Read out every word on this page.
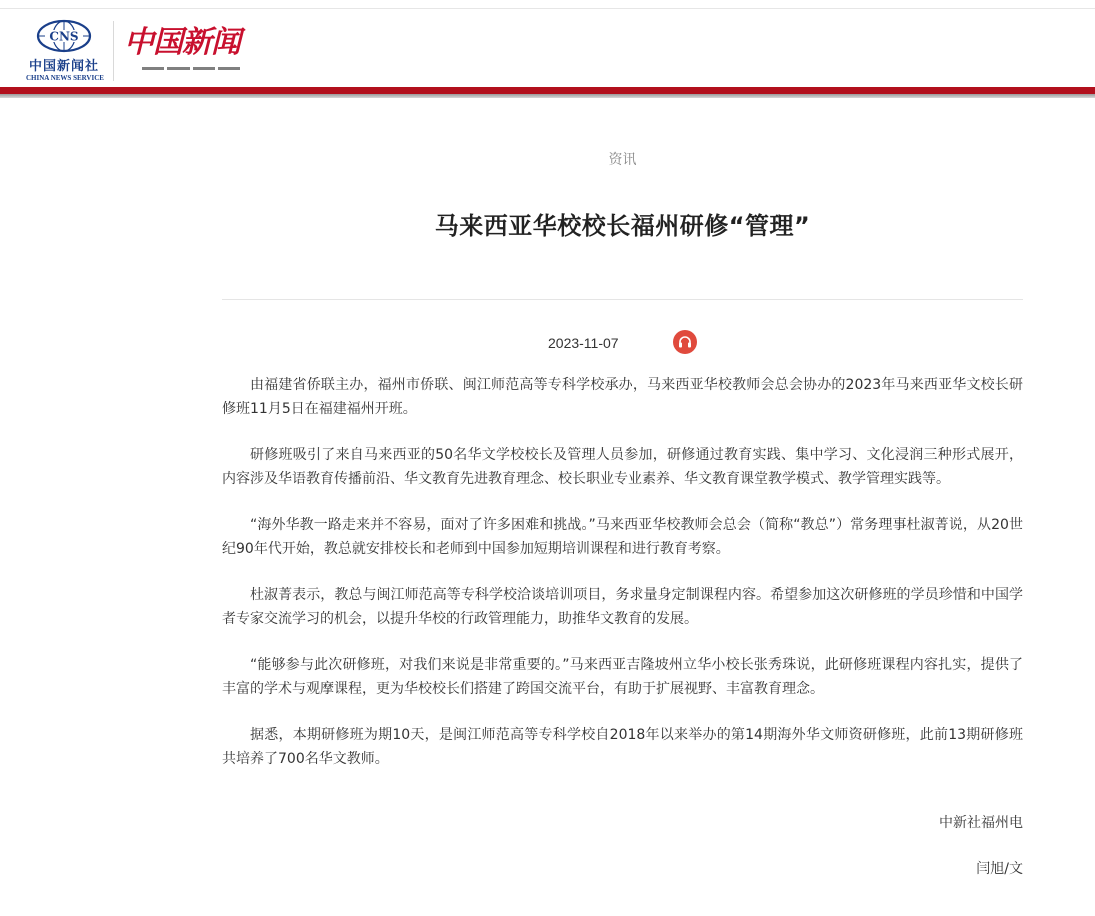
CNS
中国新闻社
CHINA NEWS SERVICE
中国新闻
资讯
马来西亚华校校长福州研修“管理”
2023-11-07

由福建省侨联主办，福州市侨联、闽江师范高等专科学校承办，马来西亚华校教师会总会协办的2023年马来西亚华文校长研修班11月5日在福建福州开班。

研修班吸引了来自马来西亚的50名华文学校校长及管理人员参加，研修通过教育实践、集中学习、文化浸润三种形式展开，内容涉及华语教育传播前沿、华文教育先进教育理念、校长职业专业素养、华文教育课堂教学模式、教学管理实践等。

“海外华教一路走来并不容易，面对了许多困难和挑战。”马来西亚华校教师会总会（简称“教总”）常务理事杜淑菁说，从20世纪90年代开始，教总就安排校长和老师到中国参加短期培训课程和进行教育考察。

杜淑菁表示，教总与闽江师范高等专科学校洽谈培训项目，务求量身定制课程内容。希望参加这次研修班的学员珍惜和中国学者专家交流学习的机会，以提升华校的行政管理能力，助推华文教育的发展。

“能够参与此次研修班，对我们来说是非常重要的。”马来西亚吉隆坡州立华小校长张秀珠说，此研修班课程内容扎实，提供了丰富的学术与观摩课程，更为华校校长们搭建了跨国交流平台，有助于扩展视野、丰富教育理念。

据悉，本期研修班为期10天，是闽江师范高等专科学校自2018年以来举办的第14期海外华文师资研修班，此前13期研修班共培养了700名华文教师。

中新社福州电
闫旭/文
